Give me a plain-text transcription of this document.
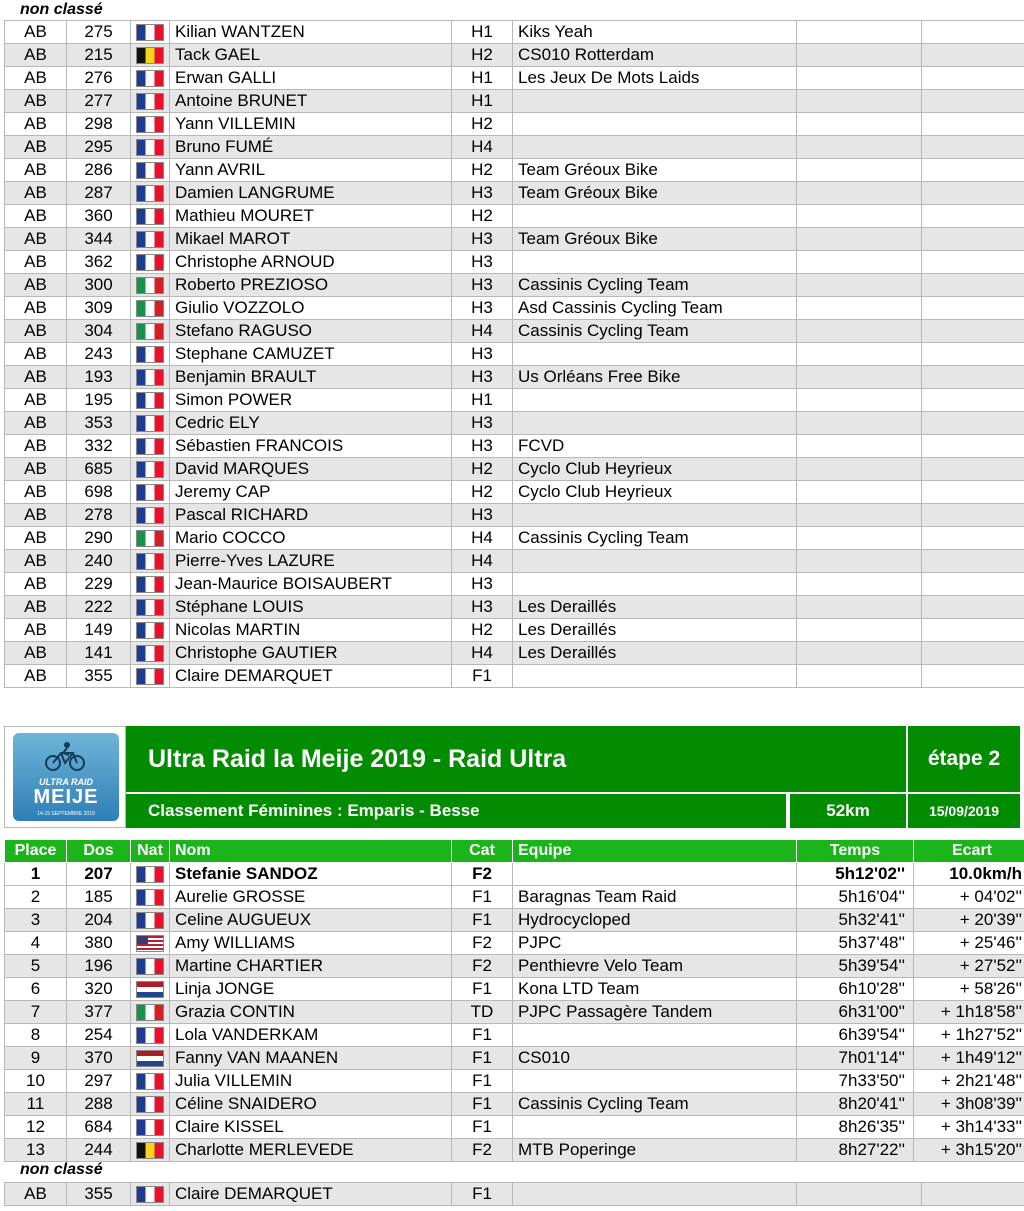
non classé
AB	275		Kilian WANTZEN	H1	Kiks Yeah		
AB	215		Tack GAEL	H2	CS010 Rotterdam		
AB	276		Erwan GALLI	H1	Les Jeux De Mots Laids		
AB	277		Antoine BRUNET	H1			
AB	298		Yann VILLEMIN	H2			
AB	295		Bruno FUMÉ	H4			
AB	286		Yann AVRIL	H2	Team Gréoux Bike		
AB	287		Damien LANGRUME	H3	Team Gréoux Bike		
AB	360		Mathieu MOURET	H2			
AB	344		Mikael MAROT	H3	Team Gréoux Bike		
AB	362		Christophe ARNOUD	H3			
AB	300		Roberto PREZIOSO	H3	Cassinis Cycling Team		
AB	309		Giulio VOZZOLO	H3	Asd Cassinis Cycling Team		
AB	304		Stefano RAGUSO	H4	Cassinis Cycling Team		
AB	243		Stephane CAMUZET	H3			
AB	193		Benjamin BRAULT	H3	Us Orléans Free Bike		
AB	195		Simon POWER	H1			
AB	353		Cedric ELY	H3			
AB	332		Sébastien FRANCOIS	H3	FCVD		
AB	685		David MARQUES	H2	Cyclo Club Heyrieux		
AB	698		Jeremy CAP	H2	Cyclo Club Heyrieux		
AB	278		Pascal RICHARD	H3			
AB	290		Mario COCCO	H4	Cassinis Cycling Team		
AB	240		Pierre-Yves LAZURE	H4			
AB	229		Jean-Maurice BOISAUBERT	H3			
AB	222		Stéphane LOUIS	H3	Les Deraillés		
AB	149		Nicolas MARTIN	H2	Les Deraillés		
AB	141		Christophe GAUTIER	H4	Les Deraillés		
AB	355		Claire DEMARQUET	F1			
ULTRA RAID
MEIJE
14-15 SEPTEMBRE 2019
Ultra Raid la Meije 2019 - Raid Ultra	étape 2
Classement Féminines : Emparis - Besse	52km	15/09/2019
Place	Dos	Nat	Nom	Cat	Equipe	Temps	Ecart
1	207		Stefanie SANDOZ	F2		5h12'02''	10.0km/h
2	185		Aurelie GROSSE	F1	Baragnas Team Raid	5h16'04''	+ 04'02''
3	204		Celine AUGUEUX	F1	Hydrocycloped	5h32'41''	+ 20'39''
4	380		Amy WILLIAMS	F2	PJPC	5h37'48''	+ 25'46''
5	196		Martine CHARTIER	F2	Penthievre Velo Team	5h39'54''	+ 27'52''
6	320		Linja JONGE	F1	Kona LTD Team	6h10'28''	+ 58'26''
7	377		Grazia CONTIN	TD	PJPC Passagère Tandem	6h31'00''	+ 1h18'58''
8	254		Lola VANDERKAM	F1		6h39'54''	+ 1h27'52''
9	370		Fanny VAN MAANEN	F1	CS010	7h01'14''	+ 1h49'12''
10	297		Julia VILLEMIN	F1		7h33'50''	+ 2h21'48''
11	288		Céline SNAIDERO	F1	Cassinis Cycling Team	8h20'41''	+ 3h08'39''
12	684		Claire KISSEL	F1		8h26'35''	+ 3h14'33''
13	244		Charlotte MERLEVEDE	F2	MTB Poperinge	8h27'22''	+ 3h15'20''
non classé
AB	355		Claire DEMARQUET	F1			
